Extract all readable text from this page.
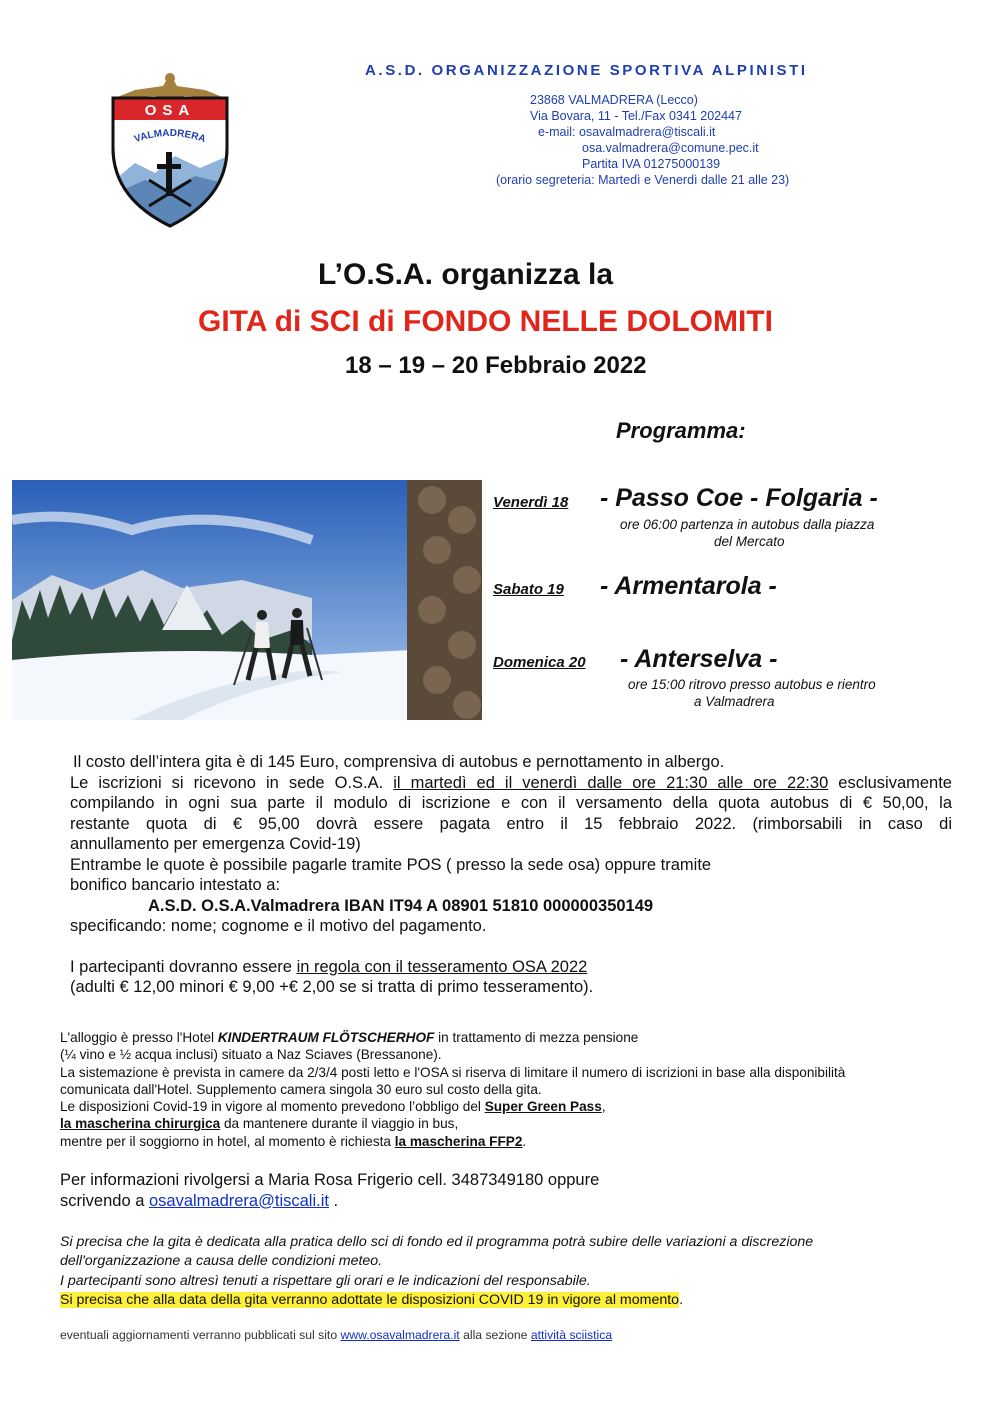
OSA
VALMADRERA
A.S.D. ORGANIZZAZIONE SPORTIVA ALPINISTI
23868 VALMADRERA (Lecco)
Via Bovara, 11 - Tel./Fax 0341 202447
e-mail: osavalmadrera@tiscali.it
osa.valmadrera@comune.pec.it
Partita IVA 01275000139
(orario segreteria: Martedì e Venerdì dalle 21 alle 23)
L’O.S.A. organizza la
GITA di SCI di FONDO NELLE DOLOMITI
18 – 19 – 20 Febbraio 2022
Programma:
Venerdì 18 - Passo Coe - Folgaria -
ore 06:00 partenza in autobus dalla piazza
del Mercato
Sabato 19 - Armentarola -
Domenica 20 - Anterselva -
ore 15:00 ritrovo presso autobus e rientro
a Valmadrera
Il costo dell’intera gita è di 145 Euro, comprensiva di autobus e pernottamento in albergo.
Le iscrizioni si ricevono in sede O.S.A. il martedì ed il venerdì dalle ore 21:30 alle ore 22:30 esclusivamente
compilando in ogni sua parte il modulo di iscrizione e con il versamento della quota autobus di € 50,00, la
restante quota di € 95,00 dovrà essere pagata entro il 15 febbraio 2022. (rimborsabili in caso di
annullamento per emergenza Covid-19)
Entrambe le quote è possibile pagarle tramite POS ( presso la sede osa) oppure tramite
bonifico bancario intestato a:
A.S.D. O.S.A.Valmadrera IBAN IT94 A 08901 51810 000000350149
specificando: nome; cognome e il motivo del pagamento.
I partecipanti dovranno essere in regola con il tesseramento OSA 2022
(adulti € 12,00 minori € 9,00 +€ 2,00 se si tratta di primo tesseramento).
L'alloggio è presso l'Hotel KINDERTRAUM FLÖTSCHERHOF in trattamento di mezza pensione
(¼ vino e ½ acqua inclusi) situato a Naz Sciaves (Bressanone).
La sistemazione è prevista in camere da 2/3/4 posti letto e l'OSA si riserva di limitare il numero di iscrizioni in base alla disponibilità
comunicata dall'Hotel. Supplemento camera singola 30 euro sul costo della gita.
Le disposizioni Covid-19 in vigore al momento prevedono l’obbligo del Super Green Pass,
la mascherina chirurgica da mantenere durante il viaggio in bus,
mentre per il soggiorno in hotel, al momento è richiesta la mascherina FFP2.
Per informazioni rivolgersi a Maria Rosa Frigerio cell. 3487349180 oppure
scrivendo a osavalmadrera@tiscali.it .
Si precisa che la gita è dedicata alla pratica dello sci di fondo ed il programma potrà subire delle variazioni a discrezione
dell'organizzazione a causa delle condizioni meteo.
I partecipanti sono altresì tenuti a rispettare gli orari e le indicazioni del responsabile.
Si precisa che alla data della gita verranno adottate le disposizioni COVID 19 in vigore al momento.
eventuali aggiornamenti verranno pubblicati sul sito www.osavalmadrera.it alla sezione attività sciistica
